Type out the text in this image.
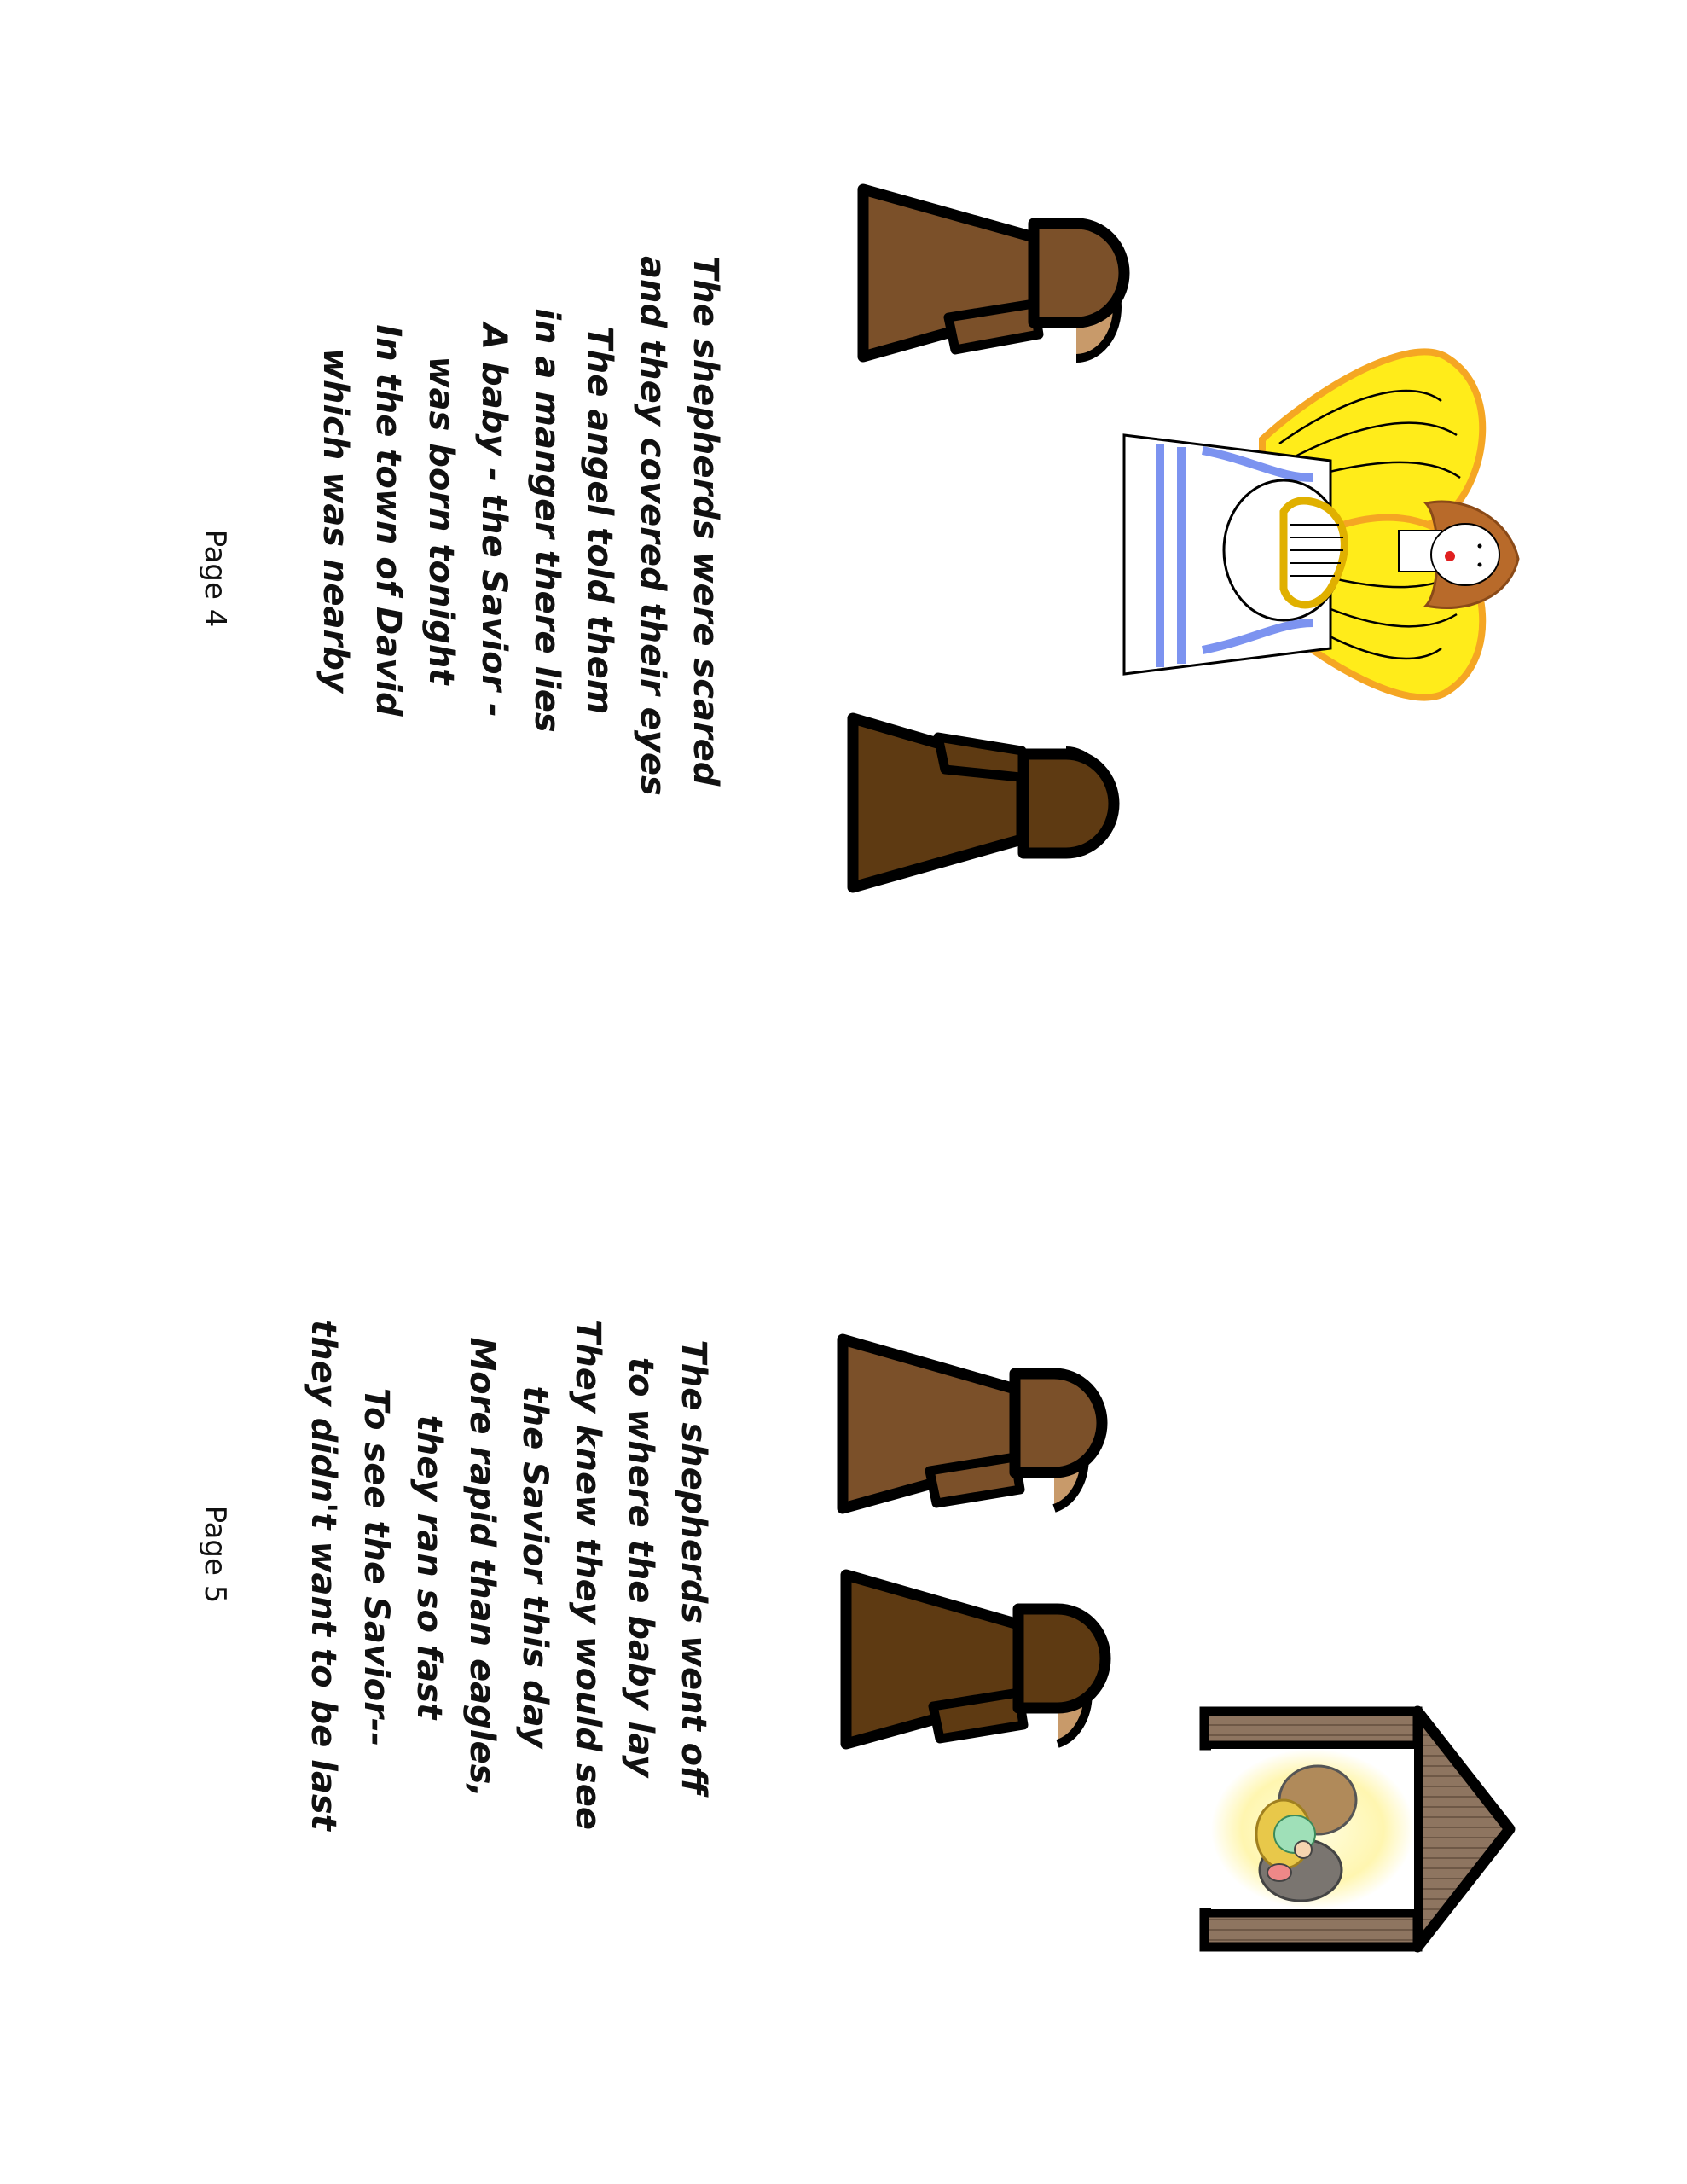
The shepherds were scared
and they covered their eyes
The angel told them
in a manger there lies
A baby - the Savior -
was born tonight
In the town of David
which was nearby
Page 4
The shepherds went off
to where the baby lay
They knew they would see
the Savior this day
More rapid than eagles,
they ran so fast
To see the Savior--
they didn't want to be last
Page 5
